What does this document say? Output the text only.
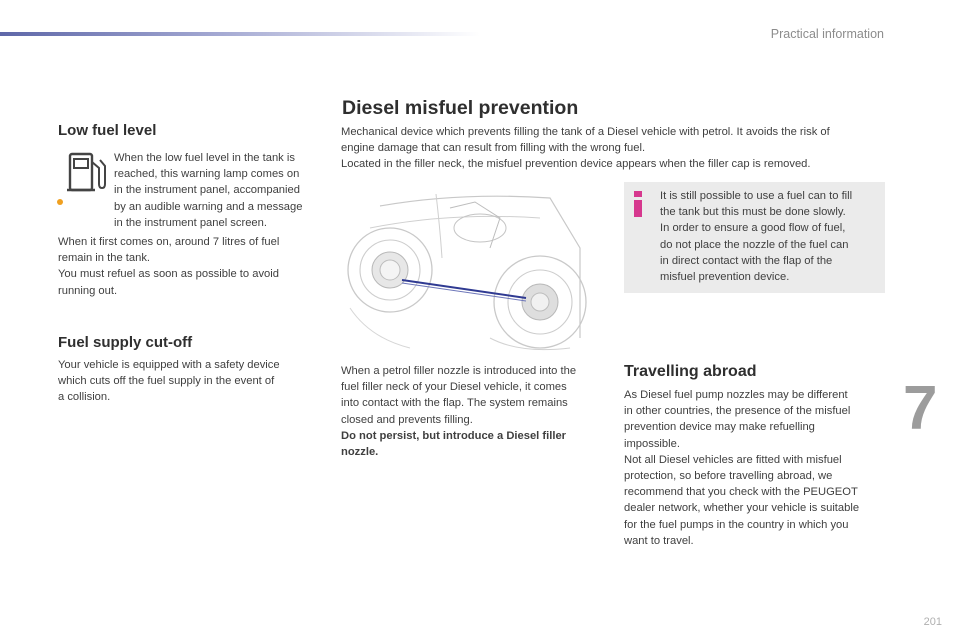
Practical information
Low fuel level

When the low fuel level in the tank is
reached, this warning lamp comes on
in the instrument panel, accompanied
by an audible warning and a message
in the instrument panel screen.

When it first comes on, around 7 litres of fuel
remain in the tank.
You must refuel as soon as possible to avoid
running out.

Fuel supply cut-off

Your vehicle is equipped with a safety device
which cuts off the fuel supply in the event of
a collision.

Diesel misfuel prevention

Mechanical device which prevents filling the tank of a Diesel vehicle with petrol. It avoids the risk of
engine damage that can result from filling with the wrong fuel.
Located in the filler neck, the misfuel prevention device appears when the filler cap is removed.

It is still possible to use a fuel can to fill
the tank but this must be done slowly.
In order to ensure a good flow of fuel,
do not place the nozzle of the fuel can
in direct contact with the flap of the
misfuel prevention device.

When a petrol filler nozzle is introduced into the
fuel filler neck of your Diesel vehicle, it comes
into contact with the flap. The system remains
closed and prevents filling.
Do not persist, but introduce a Diesel filler
nozzle.

Travelling abroad

As Diesel fuel pump nozzles may be different
in other countries, the presence of the misfuel
prevention device may make refuelling
impossible.
Not all Diesel vehicles are fitted with misfuel
protection, so before travelling abroad, we
recommend that you check with the PEUGEOT
dealer network, whether your vehicle is suitable
for the fuel pumps in the country in which you
want to travel.

7
201
